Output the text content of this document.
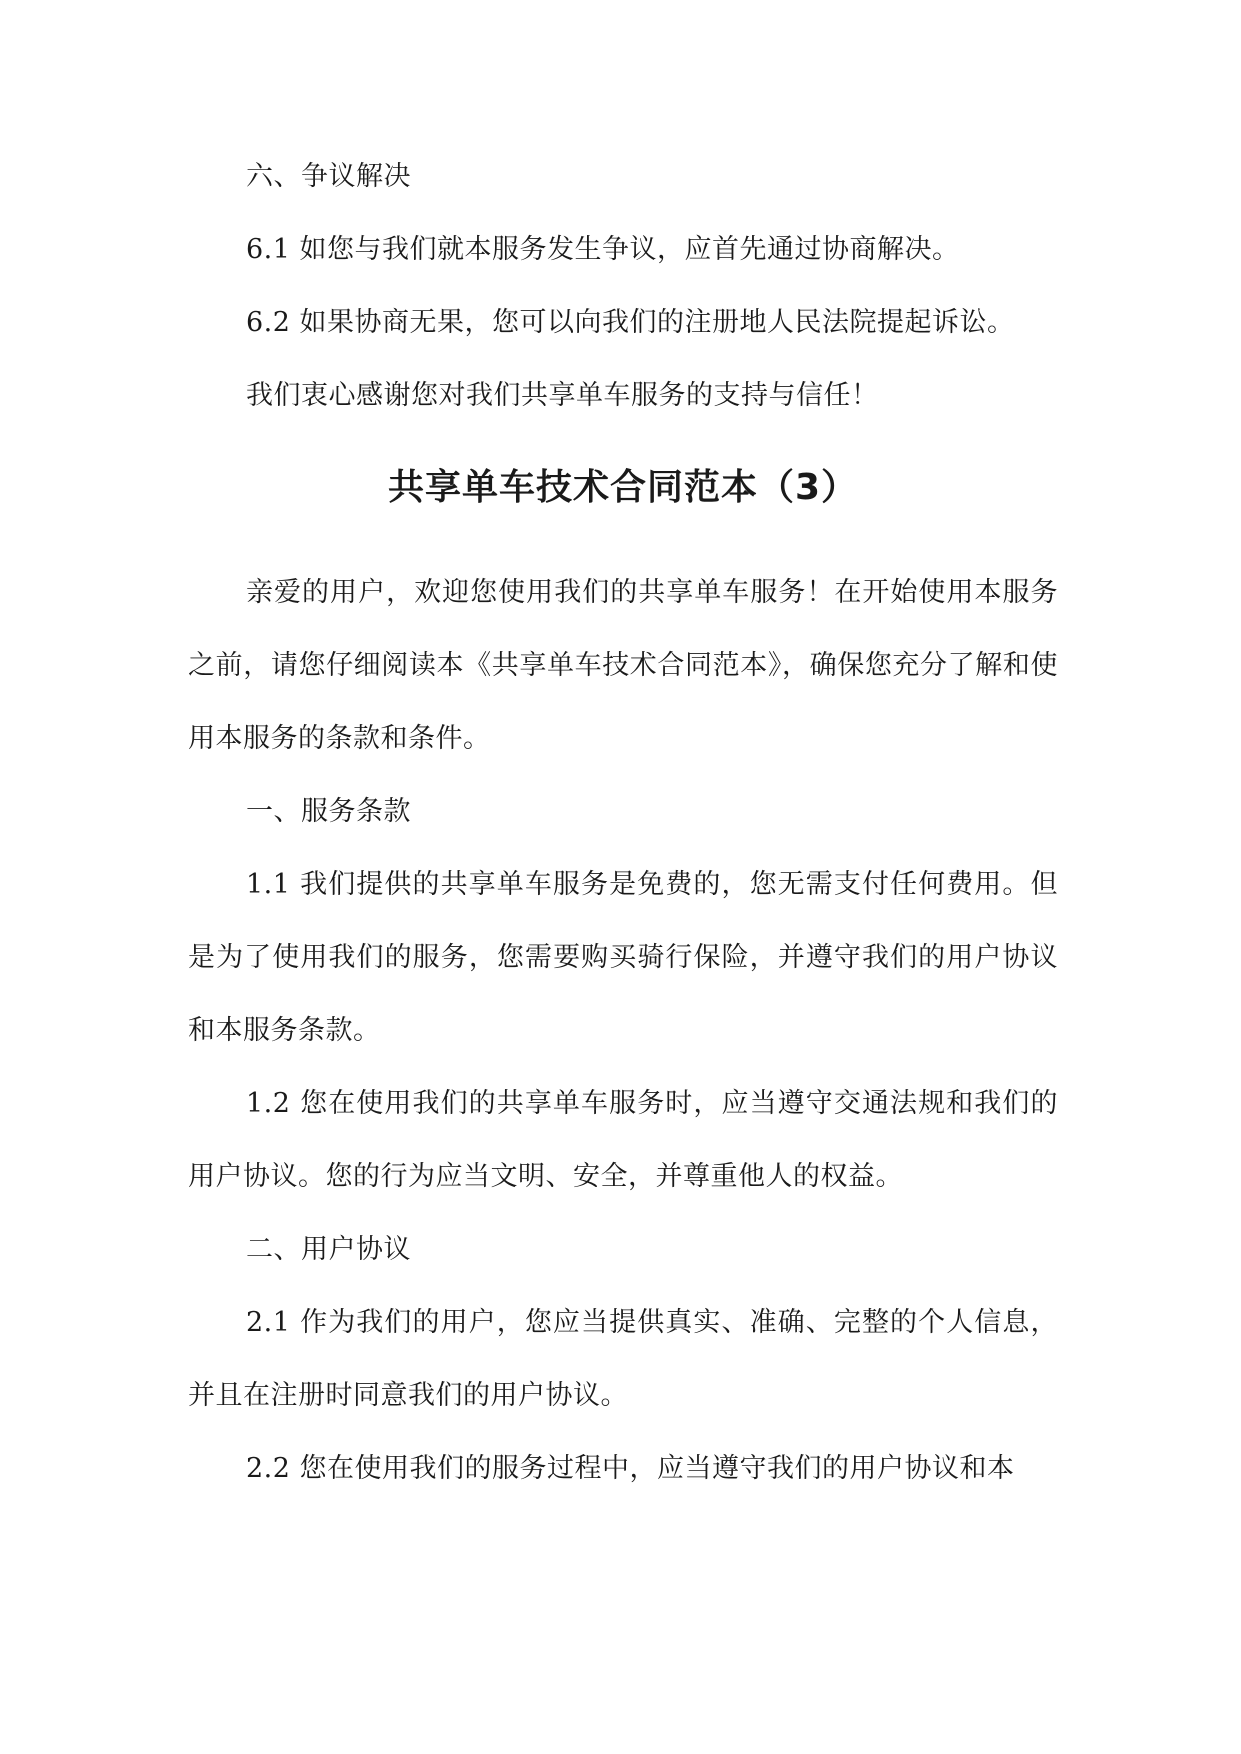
六、争议解决
6.1 如您与我们就本服务发生争议，应首先通过协商解决。
6.2 如果协商无果，您可以向我们的注册地人民法院提起诉讼。
我们衷心感谢您对我们共享单车服务的支持与信任！
共享单车技术合同范本（3）
亲爱的用户，欢迎您使用我们的共享单车服务！在开始使用本服务之前，请您仔细阅读本《共享单车技术合同范本》，确保您充分了解和使用本服务的条款和条件。
一、服务条款
1.1 我们提供的共享单车服务是免费的，您无需支付任何费用。但是为了使用我们的服务，您需要购买骑行保险，并遵守我们的用户协议和本服务条款。
1.2 您在使用我们的共享单车服务时，应当遵守交通法规和我们的用户协议。您的行为应当文明、安全，并尊重他人的权益。
二、用户协议
2.1 作为我们的用户，您应当提供真实、准确、完整的个人信息，并且在注册时同意我们的用户协议。
2.2 您在使用我们的服务过程中，应当遵守我们的用户协议和本
